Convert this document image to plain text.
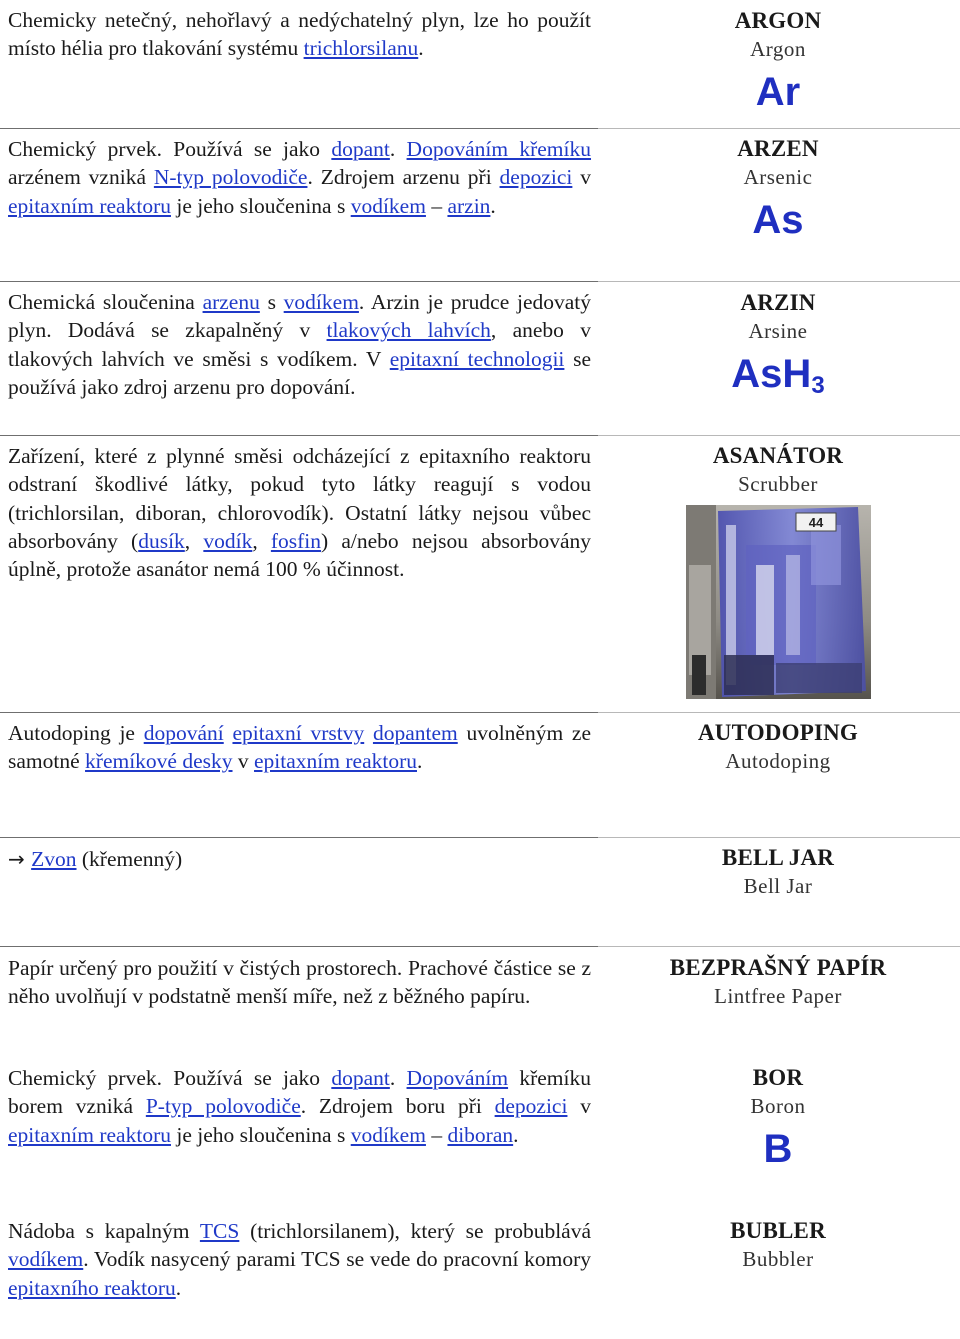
Chemicky netečný, nehořlavý a nedýchatelný plyn, lze ho použít místo hélia pro tlakování systému trichlorsilanu.
ARGON
Argon
Ar
Chemický prvek. Používá se jako dopant. Dopováním křemíku arzénem vzniká N-typ polovodiče. Zdrojem arzenu při depozici v epitaxním reaktoru je jeho sloučenina s vodíkem – arzin.
ARZEN
Arsenic
As
Chemická sloučenina arzenu s vodíkem. Arzin je prudce jedovatý plyn. Dodává se zkapalněný v tlakových lahvích, anebo v tlakových lahvích ve směsi s vodíkem. V epitaxní technologii se používá jako zdroj arzenu pro dopování.
ARZIN
Arsine
AsH$_3$
Zařízení, které z plynné směsi odcházející z epitaxního reaktoru odstraní škodlivé látky, pokud tyto látky reagují s vodou (trichlorsilan, diboran, chlorovodík). Ostatní látky nejsou vůbec absorbovány (dusík, vodík, fosfin) a/nebo nejsou absorbovány úplně, protože asanátor nemá 100 % účinnost.
ASANÁTOR
Scrubber
44
Autodoping je dopování epitaxní vrstvy dopantem uvolněným ze samotné křemíkové desky v epitaxním reaktoru.
AUTODOPING
Autodoping
→ Zvon (křemenný)	BELL JAR
Bell Jar
Papír určený pro použití v čistých prostorech. Prachové částice se z něho uvolňují v podstatně menší míře, než z běžného papíru.
BEZPRAŠNÝ PAPÍR
Lintfree Paper
Chemický prvek. Používá se jako dopant. Dopováním křemíku borem vzniká P-typ polovodiče. Zdrojem boru při depozici v epitaxním reaktoru je jeho sloučenina s vodíkem – diboran.
BOR
Boron
B
Nádoba s kapalným TCS (trichlorsilanem), který se probublává vodíkem. Vodík nasycený parami TCS se vede do pracovní komory epitaxního reaktoru.
BUBLER
Bubbler
